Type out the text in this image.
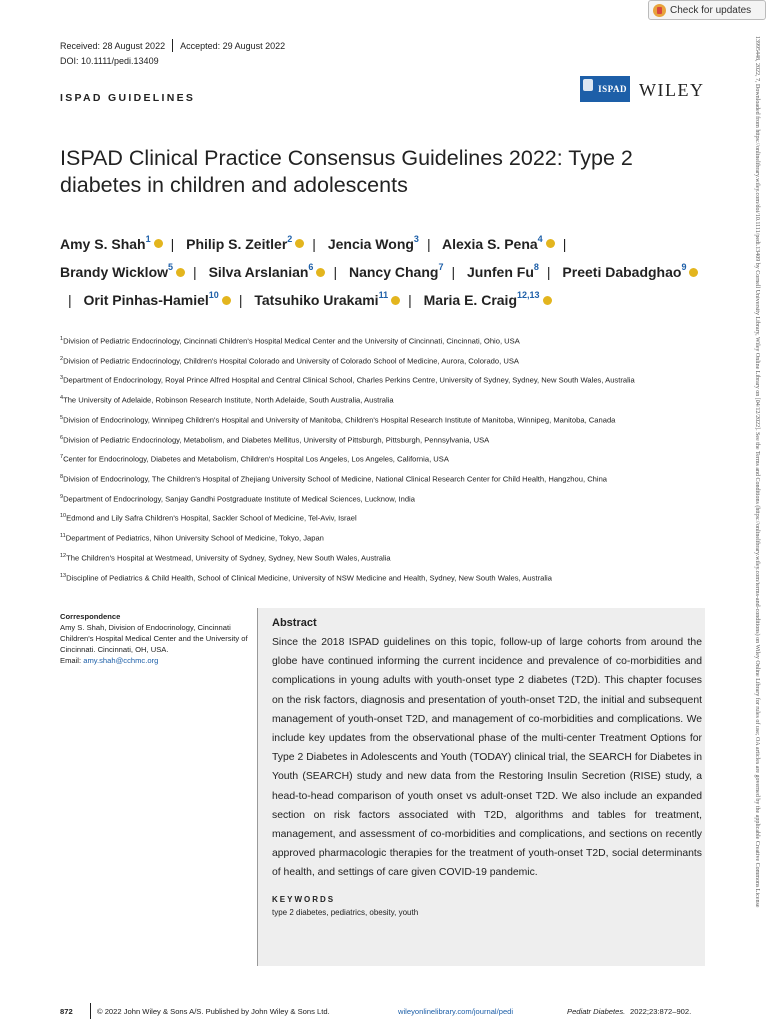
Check for updates
13995448, 2022, 7, Downloaded from https://onlinelibrary.wiley.com/doi/10.1111/pedi.13409 by Cornell University Library, Wiley Online Library on [04/12/2022]. See the Terms and Conditions (https://onlinelibrary.wiley.com/terms-and-conditions) on Wiley Online Library for rules of use; OA articles are governed by the applicable Creative Commons License
Received: 28 August 2022 Accepted: 29 August 2022
DOI: 10.1111/pedi.13409
ISPAD GUIDELINES
ISPAD WILEY
ISPAD Clinical Practice Consensus Guidelines 2022: Type 2 diabetes in children and adolescents
Amy S. Shah$^1$ | Philip S. Zeitler$^2$ | Jencia Wong$^3$ | Alexia S. Pena$^4$ | Brandy Wicklow$^5$ | Silva Arslanian$^6$ | Nancy Chang$^7$ | Junfen Fu$^8$ | Preeti Dabadghao$^9$| Orit Pinhas-Hamiel$^{10}$ | Tatsuhiko Urakami$^{11}$ | Maria E. Craig$^{12,13}$
$^1$Division of Pediatric Endocrinology, Cincinnati Children's Hospital Medical Center and the University of Cincinnati, Cincinnati, Ohio, USA
$^2$Division of Pediatric Endocrinology, Children's Hospital Colorado and University of Colorado School of Medicine, Aurora, Colorado, USA
$^3$Department of Endocrinology, Royal Prince Alfred Hospital and Central Clinical School, Charles Perkins Centre, University of Sydney, Sydney, New South Wales, Australia
$^4$The University of Adelaide, Robinson Research Institute, North Adelaide, South Australia, Australia
$^5$Division of Endocrinology, Winnipeg Children's Hospital and University of Manitoba, Children's Hospital Research Institute of Manitoba, Winnipeg, Manitoba, Canada
$^6$Division of Pediatric Endocrinology, Metabolism, and Diabetes Mellitus, University of Pittsburgh, Pittsburgh, Pennsylvania, USA
$^7$Center for Endocrinology, Diabetes and Metabolism, Children's Hospital Los Angeles, Los Angeles, California, USA
$^8$Division of Endocrinology, The Children's Hospital of Zhejiang University School of Medicine, National Clinical Research Center for Child Health, Hangzhou, China
$^9$Department of Endocrinology, Sanjay Gandhi Postgraduate Institute of Medical Sciences, Lucknow, India
$^{10}$Edmond and Lily Safra Children's Hospital, Sackler School of Medicine, Tel-Aviv, Israel
$^{11}$Department of Pediatrics, Nihon University School of Medicine, Tokyo, Japan
$^{12}$The Children's Hospital at Westmead, University of Sydney, Sydney, New South Wales, Australia
$^{13}$Discipline of Pediatrics & Child Health, School of Clinical Medicine, University of NSW Medicine and Health, Sydney, New South Wales, Australia
Correspondence
Amy S. Shah, Division of Endocrinology, Cincinnati Children's Hospital Medical Center and the University of Cincinnati. Cincinnati, OH, USA.
Email: amy.shah@cchmc.org
Abstract
Since the 2018 ISPAD guidelines on this topic, follow-up of large cohorts from around the globe have continued informing the current incidence and prevalence of co-morbidities and complications in young adults with youth-onset type 2 diabetes (T2D). This chapter focuses on the risk factors, diagnosis and presentation of youth-onset T2D, the initial and subsequent management of youth-onset T2D, and management of co-morbidities and complications. We include key updates from the observational phase of the multi-center Treatment Options for Type 2 Diabetes in Adolescents and Youth (TODAY) clinical trial, the SEARCH for Diabetes in Youth (SEARCH) study and new data from the Restoring Insulin Secretion (RISE) study, a head-to-head comparison of youth onset vs adult-onset T2D. We also include an expanded section on risk factors associated with T2D, algorithms and tables for treatment, management, and assessment of co-morbidities and complications, and sections on recently approved pharmacologic therapies for the treatment of youth-onset T2D, social determinants of health, and settings of care given COVID-19 pandemic.
KEYWORDS
type 2 diabetes, pediatrics, obesity, youth
872	© 2022 John Wiley & Sons A/S. Published by John Wiley & Sons Ltd.	wileyonlinelibrary.com/journal/pedi	Pediatr Diabetes. 2022;23:872–902.
